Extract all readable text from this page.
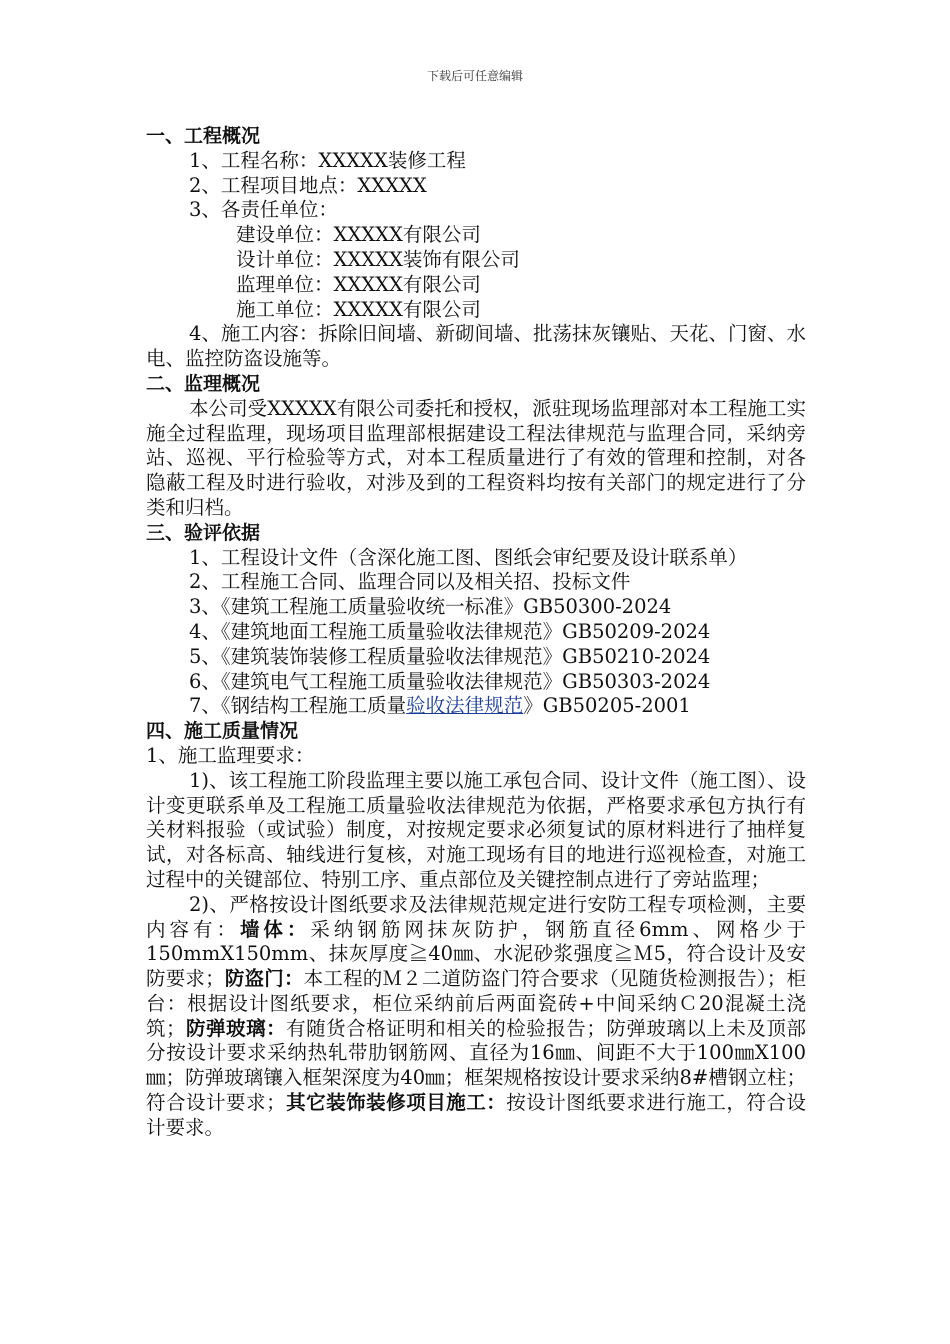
下载后可任意编辑

一、工程概况

1、工程名称：XXXXX装修工程

2、工程项目地点：XXXXX

3、各责任单位：

建设单位：XXXXX有限公司

设计单位：XXXXX装饰有限公司

监理单位：XXXXX有限公司

施工单位：XXXXX有限公司

4、施工内容：拆除旧间墙、新砌间墙、批荡抹灰镶贴、天花、门窗、水电、监控防盗设施等。

二、监理概况

本公司受XXXXX有限公司委托和授权，派驻现场监理部对本工程施工实施全过程监理，现场项目监理部根据建设工程法律规范与监理合同，采纳旁站、巡视、平行检验等方式，对本工程质量进行了有效的管理和控制，对各隐蔽工程及时进行验收，对涉及到的工程资料均按有关部门的规定进行了分类和归档。

三、验评依据

1、工程设计文件（含深化施工图、图纸会审纪要及设计联系单）

2、工程施工合同、监理合同以及相关招、投标文件

3、《建筑工程施工质量验收统一标准》GB50300-2024

4、《建筑地面工程施工质量验收法律规范》GB50209-2024

5、《建筑装饰装修工程质量验收法律规范》GB50210-2024

6、《建筑电气工程施工质量验收法律规范》GB50303-2024

7、《钢结构工程施工质量验收法律规范》GB50205-2001

四、施工质量情况

1、施工监理要求：

1)、该工程施工阶段监理主要以施工承包合同、设计文件（施工图）、设计变更联系单及工程施工质量验收法律规范为依据，严格要求承包方执行有关材料报验（或试验）制度，对按规定要求必须复试的原材料进行了抽样复试，对各标高、轴线进行复核，对施工现场有目的地进行巡视检查，对施工过程中的关键部位、特别工序、重点部位及关键控制点进行了旁站监理；

2)、严格按设计图纸要求及法律规范规定进行安防工程专项检测，主要内容有：墙体：采纳钢筋网抹灰防护，钢筋直径6mm、网格少于150mmX150mm、抹灰厚度≧40㎜、水泥砂浆强度≧Ｍ5，符合设计及安防要求；防盗门：本工程的Ｍ２二道防盗门符合要求（见随货检测报告）；柜台：根据设计图纸要求，柜位采纳前后两面瓷砖+中间采纳Ｃ20混凝土浇筑；防弹玻璃：有随货合格证明和相关的检验报告；防弹玻璃以上未及顶部分按设计要求采纳热轧带肋钢筋网、直径为16㎜、间距不大于100㎜X100㎜；防弹玻璃镶入框架深度为40㎜；框架规格按设计要求采纳8#槽钢立柱；符合设计要求；其它装饰装修项目施工：按设计图纸要求进行施工，符合设计要求。
